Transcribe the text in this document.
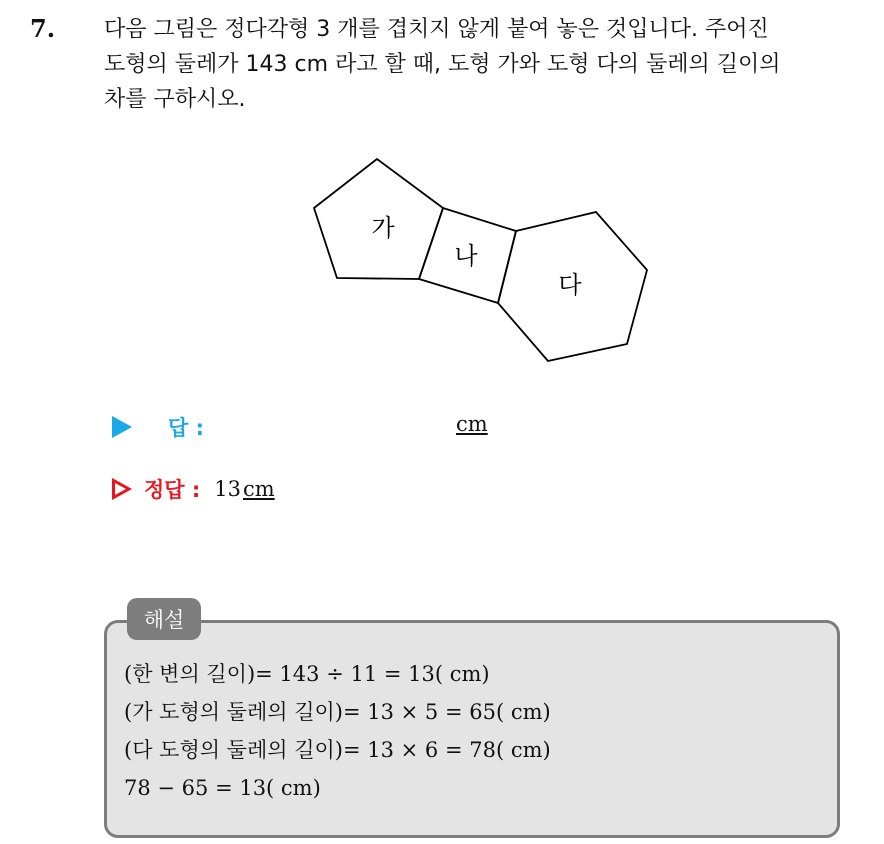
7. 다음 그림은 정다각형 3 개를 겹치지 않게 붙여 놓은 것입니다. 주어진
도형의 둘레가 143 cm 라고 할 때, 도형 가와 도형 다의 둘레의 길이의
차를 구하시오.
가
나
다
답 :	cm
정답 : 13 cm
해설
(한 변의 길이)= 143 ÷ 11 = 13( cm)
(가 도형의 둘레의 길이)= 13 × 5 = 65( cm)
(다 도형의 둘레의 길이)= 13 × 6 = 78( cm)
78 − 65 = 13( cm)
